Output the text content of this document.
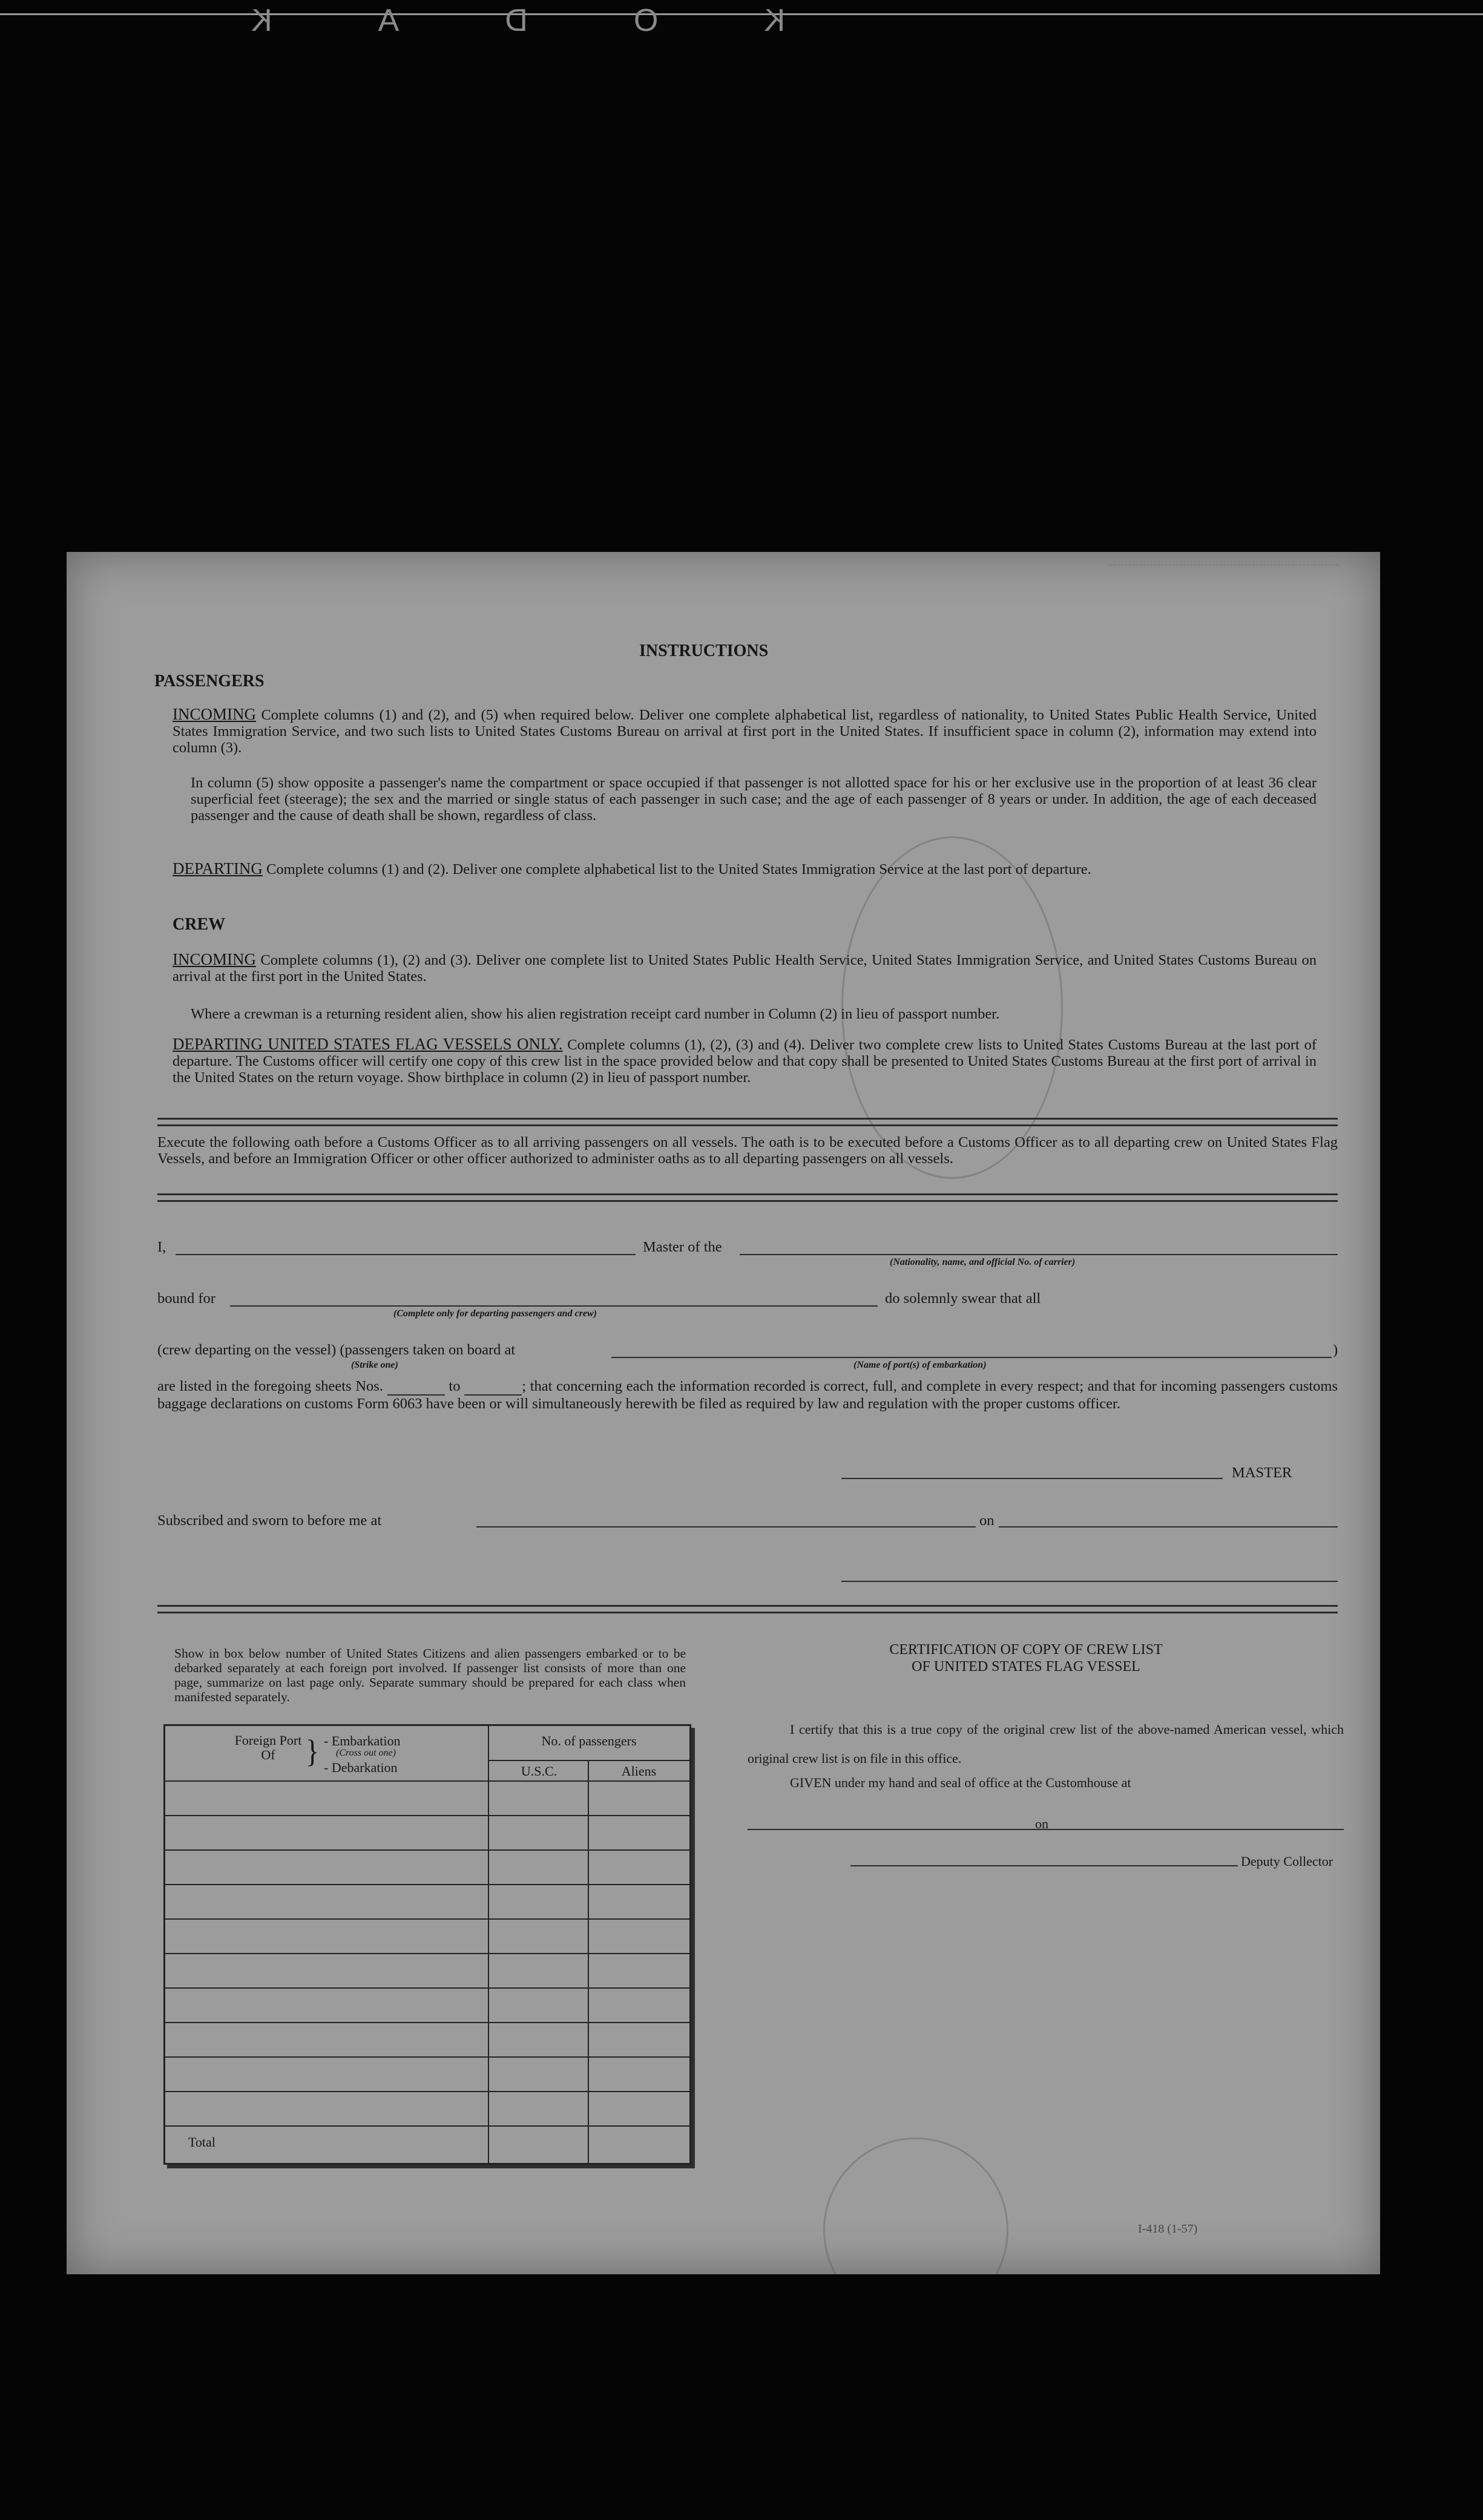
KODAK
INSTRUCTIONS
PASSENGERS
INCOMING Complete columns (1) and (2), and (5) when required below. Deliver one complete alphabetical list, regardless of nationality, to United States Public Health Service, United States Immigration Service, and two such lists to United States Customs Bureau on arrival at first port in the United States. If insufficient space in column (2), information may extend into column (3).
In column (5) show opposite a passenger's name the compartment or space occupied if that passenger is not allotted space for his or her exclusive use in the proportion of at least 36 clear superficial feet (steerage); the sex and the married or single status of each passenger in such case; and the age of each passenger of 8 years or under. In addition, the age of each deceased passenger and the cause of death shall be shown, regardless of class.
DEPARTING Complete columns (1) and (2). Deliver one complete alphabetical list to the United States Immigration Service at the last port of departure.
CREW
INCOMING Complete columns (1), (2) and (3). Deliver one complete list to United States Public Health Service, United States Immigration Service, and United States Customs Bureau on arrival at the first port in the United States.
Where a crewman is a returning resident alien, show his alien registration receipt card number in Column (2) in lieu of passport number.
DEPARTING UNITED STATES FLAG VESSELS ONLY. Complete columns (1), (2), (3) and (4). Deliver two complete crew lists to United States Customs Bureau at the last port of departure. The Customs officer will certify one copy of this crew list in the space provided below and that copy shall be presented to United States Customs Bureau at the first port of arrival in the United States on the return voyage. Show birthplace in column (2) in lieu of passport number.
Execute the following oath before a Customs Officer as to all arriving passengers on all vessels. The oath is to be executed before a Customs Officer as to all departing crew on United States Flag Vessels, and before an Immigration Officer or other officer authorized to administer oaths as to all departing passengers on all vessels.
I,	Master of the
(Nationality, name, and official No. of carrier)
bound for
(Complete only for departing passengers and crew)
do solemnly swear that all
(crew departing on the vessel) (passengers taken on board at
(Strike one)
)
(Name of port(s) of embarkation)
are listed in the foregoing sheets Nos.	to	; that concerning each the information recorded is correct, full, and complete in every respect; and that for incoming passengers customs baggage declarations on customs Form 6063 have been or will simultaneously herewith be filed as required by law and regulation with the proper customs officer.
MASTER
Subscribed and sworn to before me at	on
Show in box below number of United States Citizens and alien passengers embarked or to be debarked separately at each foreign port involved. If passenger list consists of more than one page, summarize on last page only. Separate summary should be prepared for each class when manifested separately.
Foreign Port Of	} - Embarkation
(Cross out one)
- Debarkation
No. of passengers
U.S.C.	Aliens
Total
CERTIFICATION OF COPY OF CREW LIST
OF UNITED STATES FLAG VESSEL
I certify that this is a true copy of the original crew list of the above-named American vessel, which original crew list is on file in this office.
GIVEN under my hand and seal of office at the Customhouse at
on
Deputy Collector
I-418 (1-57)
